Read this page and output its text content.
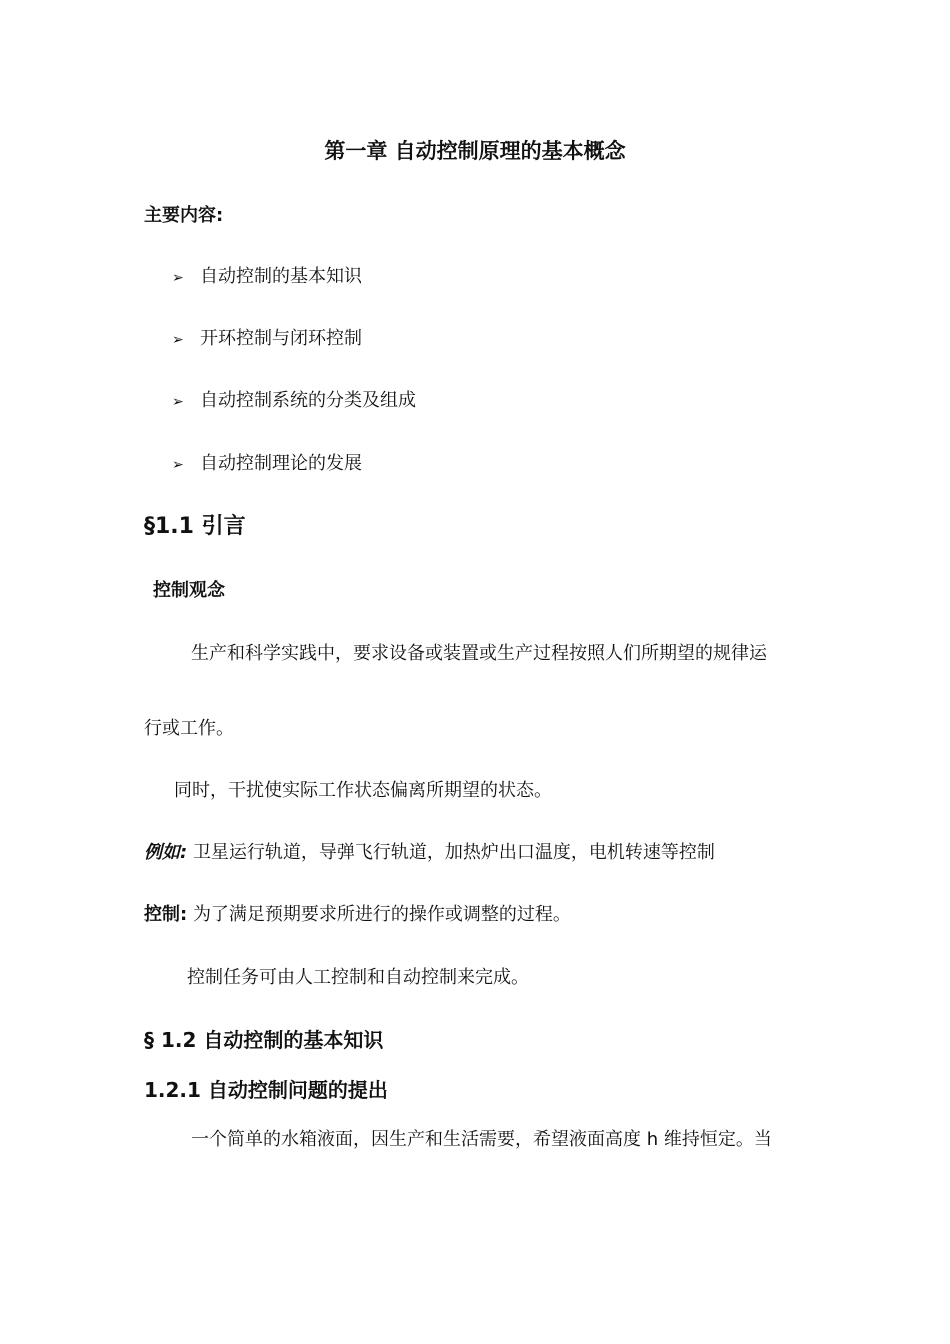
第一章 自动控制原理的基本概念
主要内容:
➢ 自动控制的基本知识
➢ 开环控制与闭环控制
➢ 自动控制系统的分类及组成
➢ 自动控制理论的发展
§1.1 引言
控制观念
生产和科学实践中，要求设备或装置或生产过程按照人们所期望的规律运
行或工作。
同时，干扰使实际工作状态偏离所期望的状态。
例如: 卫星运行轨道，导弹飞行轨道，加热炉出口温度，电机转速等控制
控制: 为了满足预期要求所进行的操作或调整的过程。
控制任务可由人工控制和自动控制来完成。
§ 1.2 自动控制的基本知识
1.2.1 自动控制问题的提出
一个简单的水箱液面，因生产和生活需要，希望液面高度 h 维持恒定。当
